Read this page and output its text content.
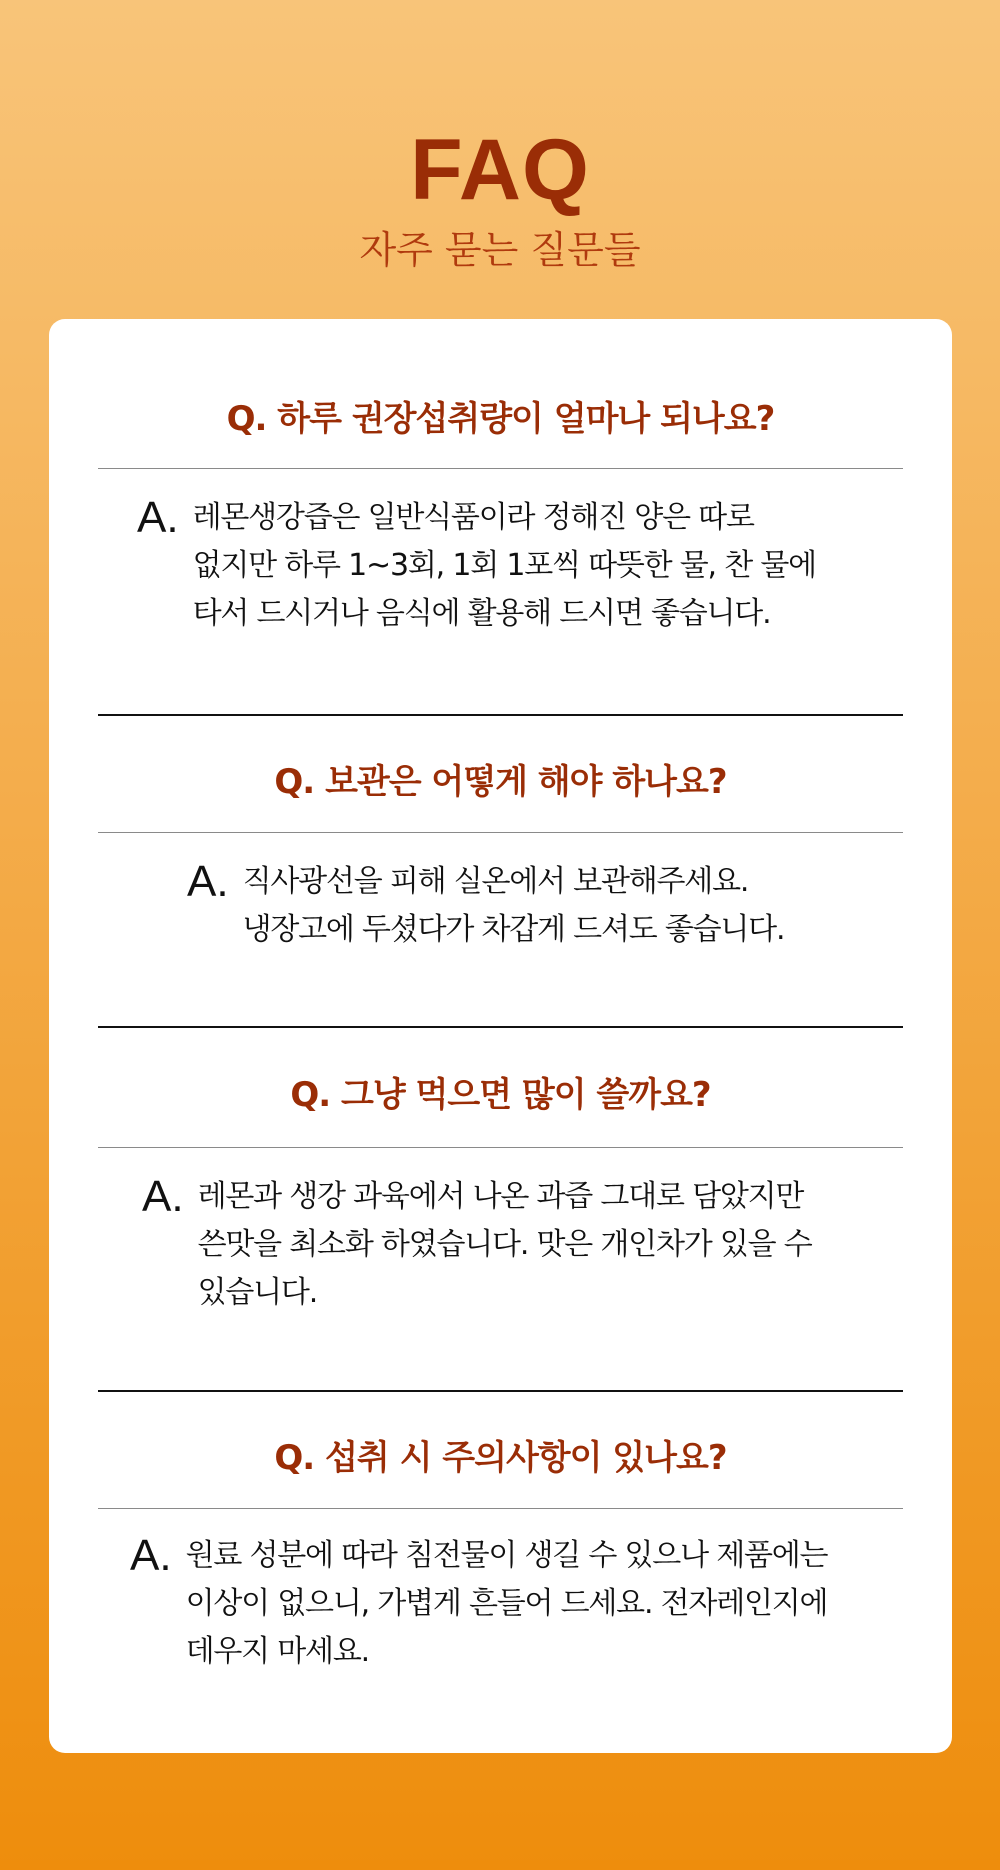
FAQ
자주 묻는 질문들
Q. 하루 권장섭취량이 얼마나 되나요?
A. 레몬생강즙은 일반식품이라 정해진 양은 따로
없지만 하루 1~3회, 1회 1포씩 따뜻한 물, 찬 물에
타서 드시거나 음식에 활용해 드시면 좋습니다.
Q. 보관은 어떻게 해야 하나요?
A. 직사광선을 피해 실온에서 보관해주세요.
냉장고에 두셨다가 차갑게 드셔도 좋습니다.
Q. 그냥 먹으면 많이 쓸까요?
A. 레몬과 생강 과육에서 나온 과즙 그대로 담았지만
쓴맛을 최소화 하였습니다. 맛은 개인차가 있을 수
있습니다.
Q. 섭취 시 주의사항이 있나요?
A. 원료 성분에 따라 침전물이 생길 수 있으나 제품에는
이상이 없으니, 가볍게 흔들어 드세요. 전자레인지에
데우지 마세요.
